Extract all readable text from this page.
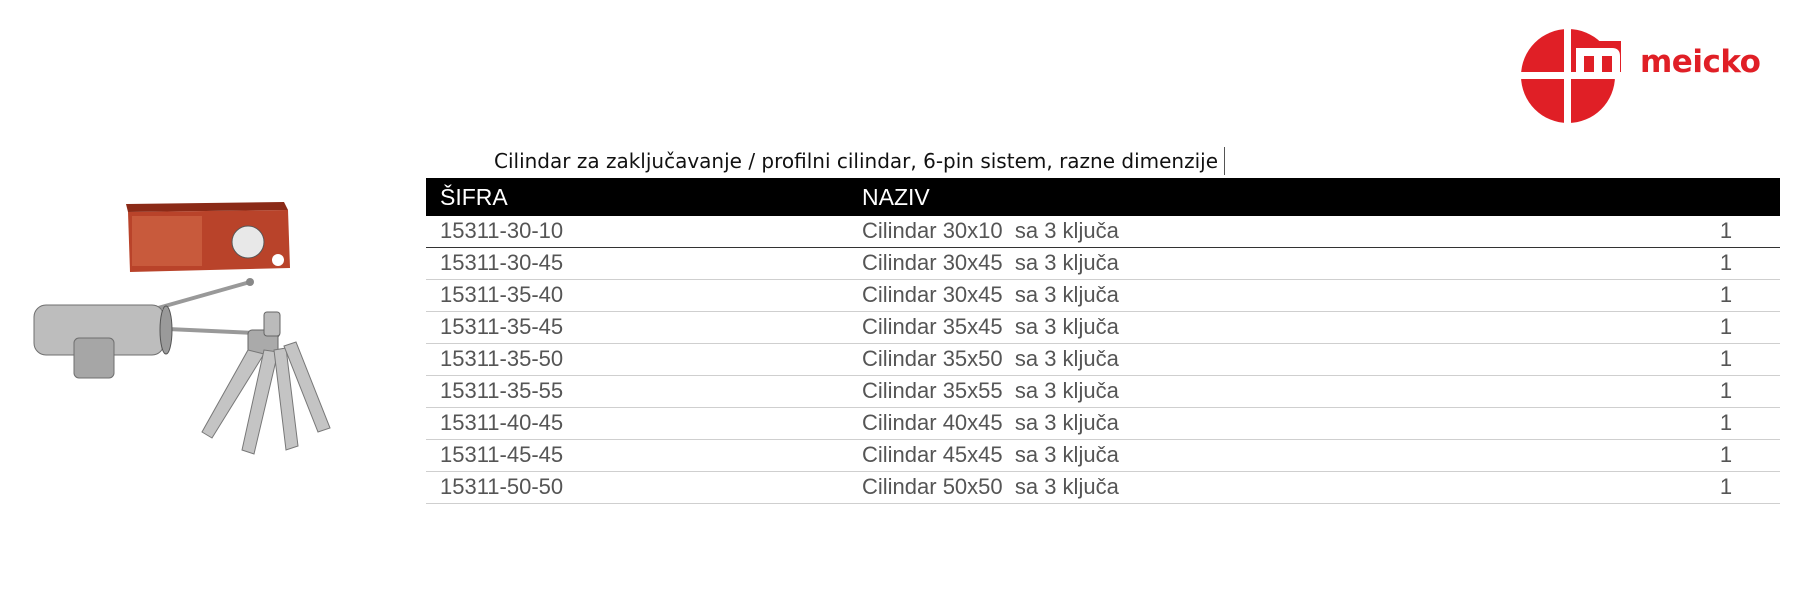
meicko
Cilindar za zaključavanje / profilni cilindar, 6-pin sistem, razne dimenzije
ŠIFRA	NAZIV
15311-30-10	Cilindar 30x10  sa 3 ključa	1
15311-30-45	Cilindar 30x45  sa 3 ključa	1
15311-35-40	Cilindar 30x45  sa 3 ključa	1
15311-35-45	Cilindar 35x45  sa 3 ključa	1
15311-35-50	Cilindar 35x50  sa 3 ključa	1
15311-35-55	Cilindar 35x55  sa 3 ključa	1
15311-40-45	Cilindar 40x45  sa 3 ključa	1
15311-45-45	Cilindar 45x45  sa 3 ključa	1
15311-50-50	Cilindar 50x50  sa 3 ključa	1
